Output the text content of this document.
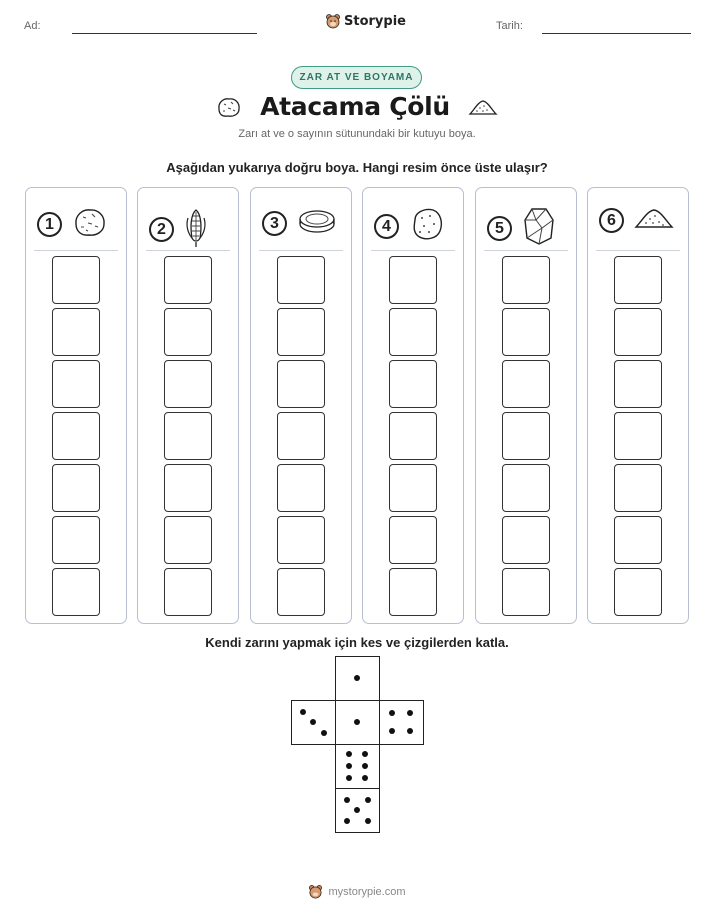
Ad:	Storypie	Tarih:
ZAR AT VE BOYAMA
Atacama Çölü
Zarı at ve o sayının sütunundaki bir kutuyu boya.
Aşağıdan yukarıya doğru boya. Hangi resim önce üste ulaşır?
1	2	3	4	5	6
Kendi zarını yapmak için kes ve çizgilerden katla.
mystorypie.com
